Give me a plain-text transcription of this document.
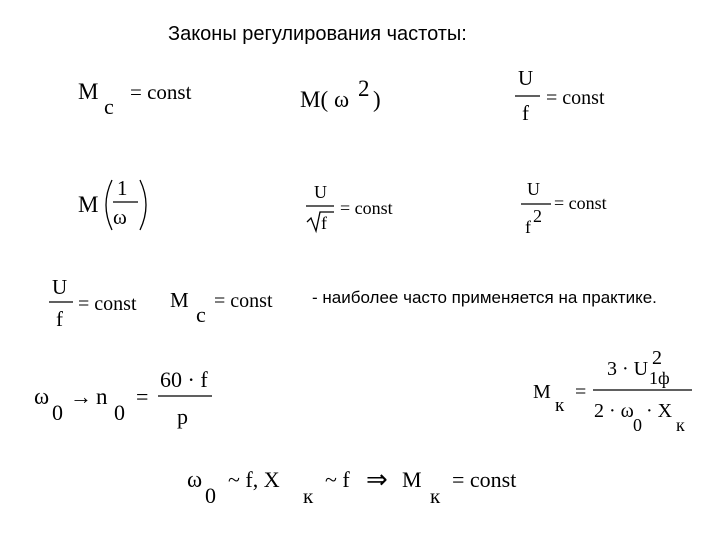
Законы регулирования частоты:
- наиболее часто применяется на практике.
M
c
= const	M( ω 2 )
U
f
= const
M
1
ω
U
f
= const
U
f
2
= const
U
f
= const M
c
= const
ω
0
→ n
0
=
60 · f
p
M
к
=
3 · U 2
1ф
2 · ω
0
· X
к
ω
0
~ f, X
к
~ f ⇒ M
к
= const
